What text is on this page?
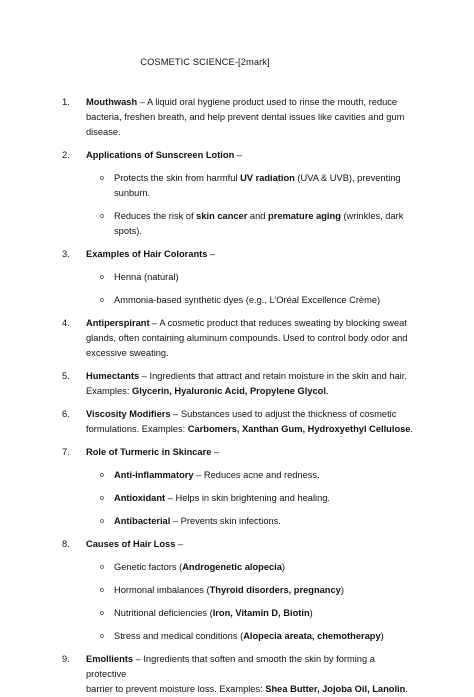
COSMETIC SCIENCE-[2mark]
1. Mouthwash – A liquid oral hygiene product used to rinse the mouth, reduce
bacteria, freshen breath, and help prevent dental issues like cavities and gum
disease.
2. Applications of Sunscreen Lotion –
o Protects the skin from harmful UV radiation (UVA & UVB), preventing
sunburn.
o Reduces the risk of skin cancer and premature aging (wrinkles, dark
spots).
3. Examples of Hair Colorants –
o Henna (natural)
o Ammonia-based synthetic dyes (e.g., L’Oréal Excellence Crème)
4. Antiperspirant – A cosmetic product that reduces sweating by blocking sweat
glands, often containing aluminum compounds. Used to control body odor and
excessive sweating.
5. Humectants – Ingredients that attract and retain moisture in the skin and hair.
Examples: Glycerin, Hyaluronic Acid, Propylene Glycol.
6. Viscosity Modifiers – Substances used to adjust the thickness of cosmetic
formulations. Examples: Carbomers, Xanthan Gum, Hydroxyethyl Cellulose.
7. Role of Turmeric in Skincare –
o Anti-inflammatory – Reduces acne and redness.
o Antioxidant – Helps in skin brightening and healing.
o Antibacterial – Prevents skin infections.
8. Causes of Hair Loss –
o Genetic factors (Androgenetic alopecia)
o Hormonal imbalances (Thyroid disorders, pregnancy)
o Nutritional deficiencies (Iron, Vitamin D, Biotin)
o Stress and medical conditions (Alopecia areata, chemotherapy)
9. Emollients – Ingredients that soften and smooth the skin by forming a protective
barrier to prevent moisture loss. Examples: Shea Butter, Jojoba Oil, Lanolin.
